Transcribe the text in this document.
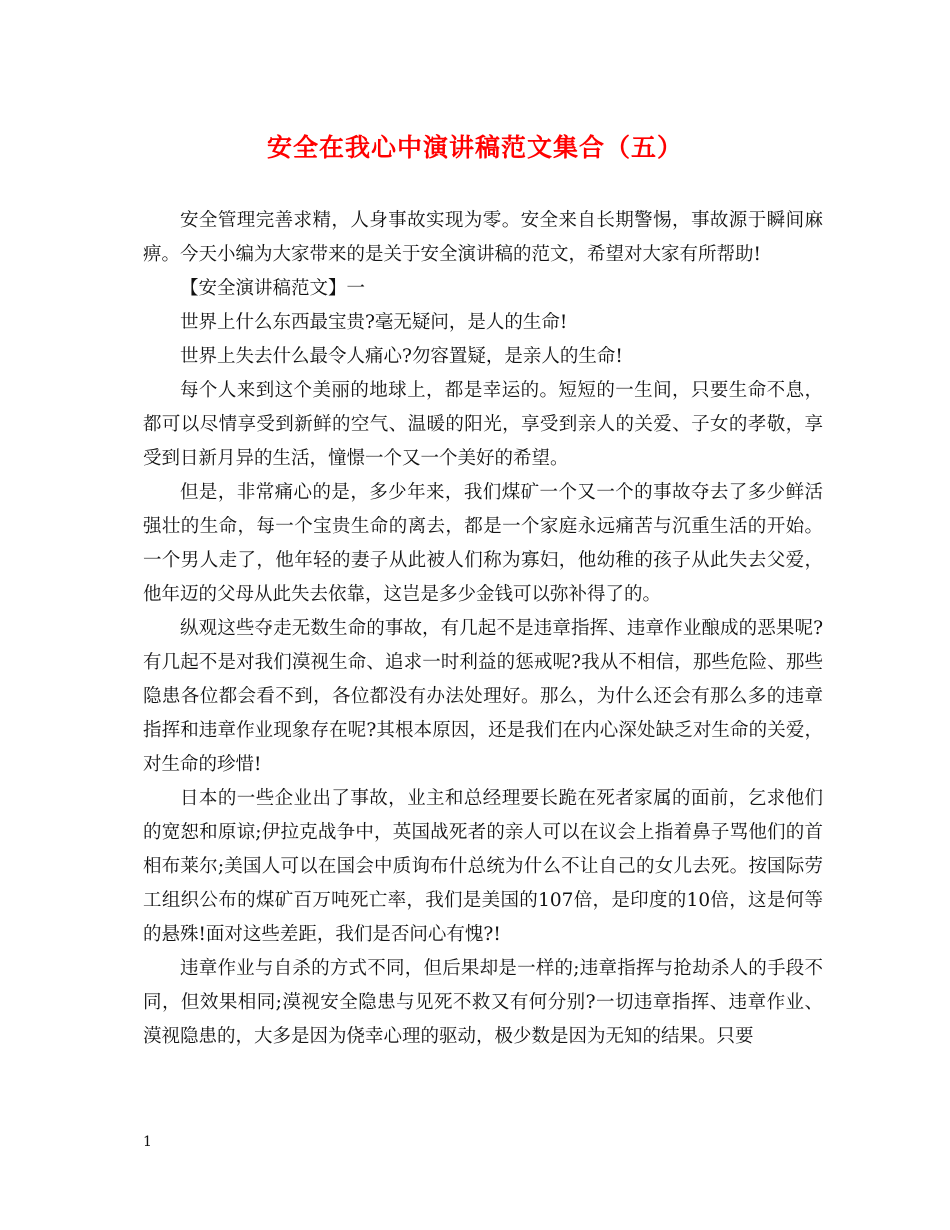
安全在我心中演讲稿范文集合（五）

安全管理完善求精，人身事故实现为零。安全来自长期警惕，事故源于瞬间麻痹。今天小编为大家带来的是关于安全演讲稿的范文，希望对大家有所帮助!

【安全演讲稿范文】一

世界上什么东西最宝贵?毫无疑问，是人的生命!

世界上失去什么最令人痛心?勿容置疑，是亲人的生命!

每个人来到这个美丽的地球上，都是幸运的。短短的一生间，只要生命不息，都可以尽情享受到新鲜的空气、温暖的阳光，享受到亲人的关爱、子女的孝敬，享受到日新月异的生活，憧憬一个又一个美好的希望。

但是，非常痛心的是，多少年来，我们煤矿一个又一个的事故夺去了多少鲜活强壮的生命，每一个宝贵生命的离去，都是一个家庭永远痛苦与沉重生活的开始。一个男人走了，他年轻的妻子从此被人们称为寡妇，他幼稚的孩子从此失去父爱，他年迈的父母从此失去依靠，这岂是多少金钱可以弥补得了的。

纵观这些夺走无数生命的事故，有几起不是违章指挥、违章作业酿成的恶果呢?有几起不是对我们漠视生命、追求一时利益的惩戒呢?我从不相信，那些危险、那些隐患各位都会看不到，各位都没有办法处理好。那么，为什么还会有那么多的违章指挥和违章作业现象存在呢?其根本原因，还是我们在内心深处缺乏对生命的关爱，对生命的珍惜!

日本的一些企业出了事故，业主和总经理要长跪在死者家属的面前，乞求他们的宽恕和原谅;伊拉克战争中，英国战死者的亲人可以在议会上指着鼻子骂他们的首相布莱尔;美国人可以在国会中质询布什总统为什么不让自己的女儿去死。按国际劳工组织公布的煤矿百万吨死亡率，我们是美国的107倍，是印度的10倍，这是何等的悬殊!面对这些差距，我们是否问心有愧?!

违章作业与自杀的方式不同，但后果却是一样的;违章指挥与抢劫杀人的手段不同，但效果相同;漠视安全隐患与见死不救又有何分别?一切违章指挥、违章作业、漠视隐患的，大多是因为侥幸心理的驱动，极少数是因为无知的结果。只要

1
